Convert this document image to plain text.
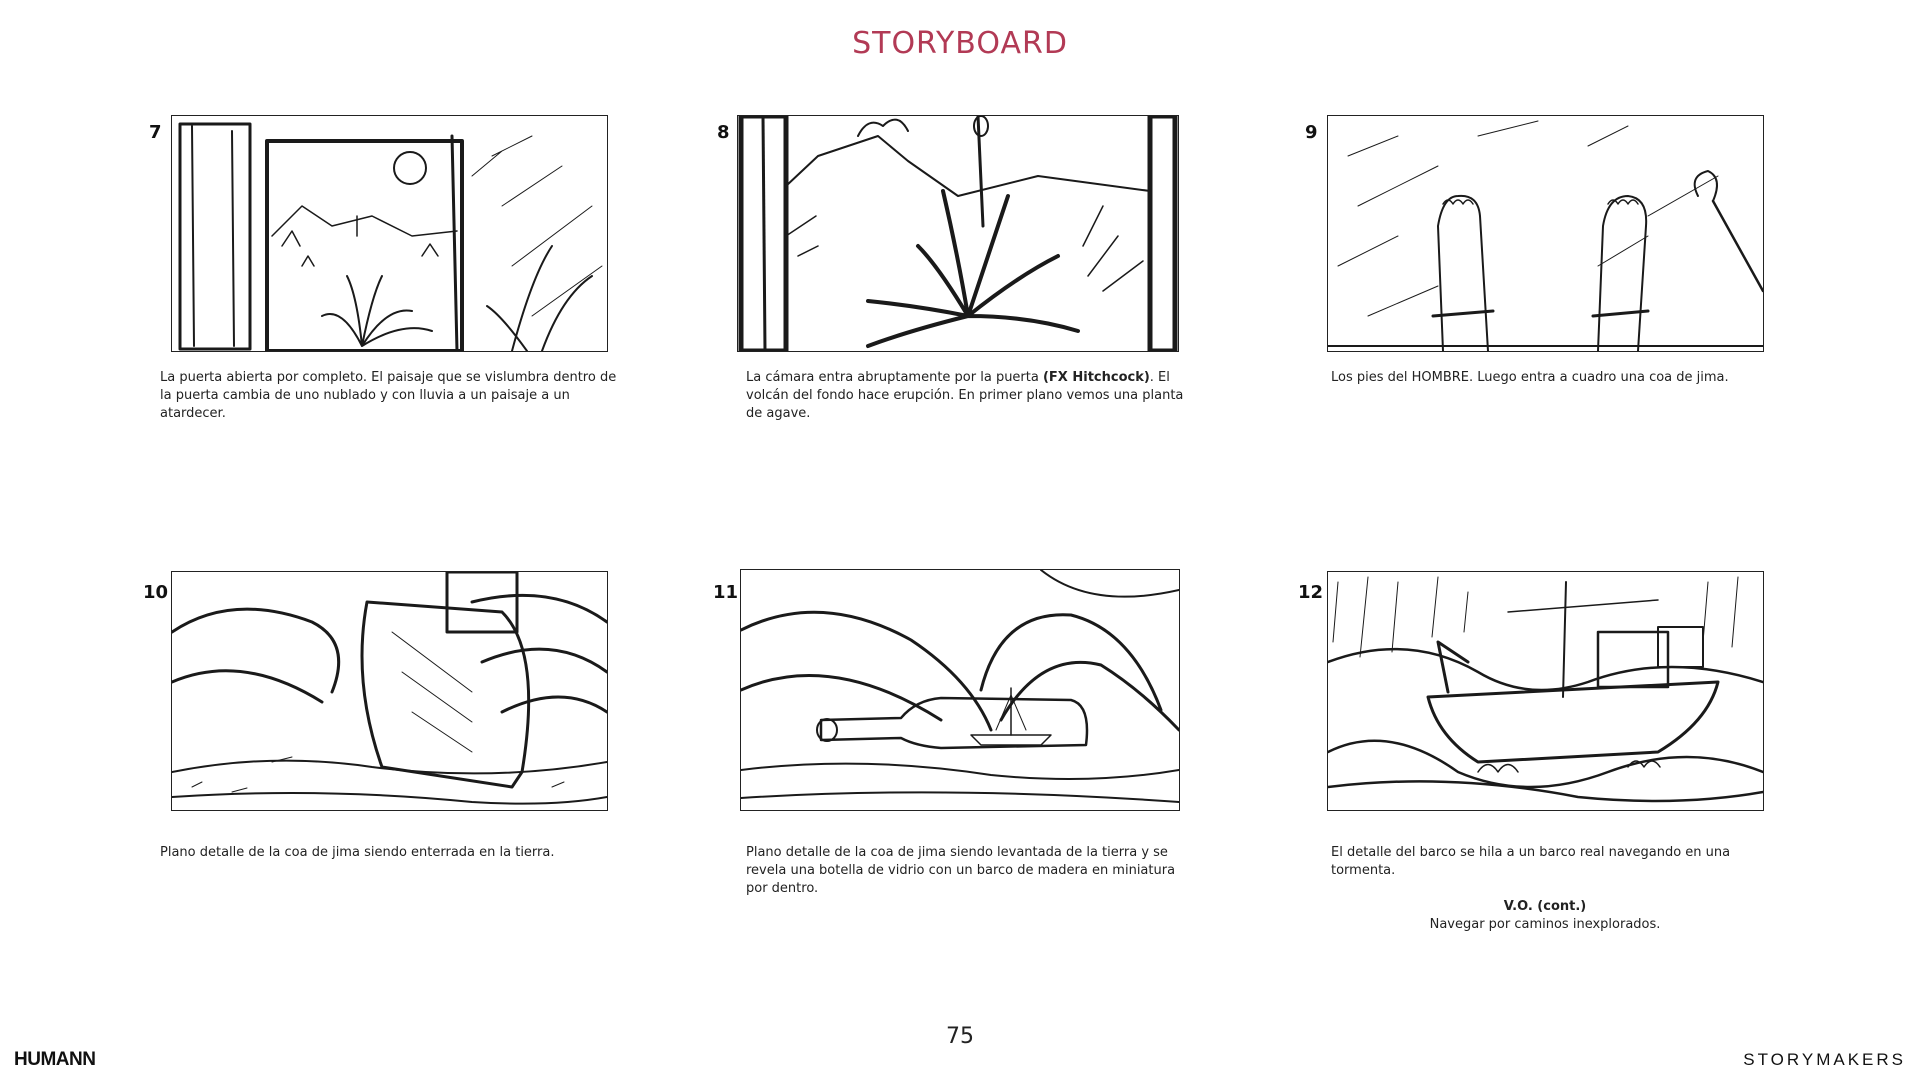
STORYBOARD
7
La puerta abierta por completo. El paisaje que se vislumbra dentro de la puerta cambia de uno nublado y con lluvia a un paisaje a un atardecer.
8
La cámara entra abruptamente por la puerta (FX Hitchcock). El volcán del fondo hace erupción. En primer plano vemos una planta de agave.
9
Los pies del HOMBRE. Luego entra a cuadro una coa de jima.
10
Plano detalle de la coa de jima siendo enterrada en la tierra.
11
Plano detalle de la coa de jima siendo levantada de la tierra y se revela una botella de vidrio con un barco de madera en miniatura por dentro.
12
El detalle del barco se hila a un barco real navegando en una tormenta.
V.O. (cont.)
Navegar por caminos inexplorados.
75
HUMANN	STORYMAKERS
